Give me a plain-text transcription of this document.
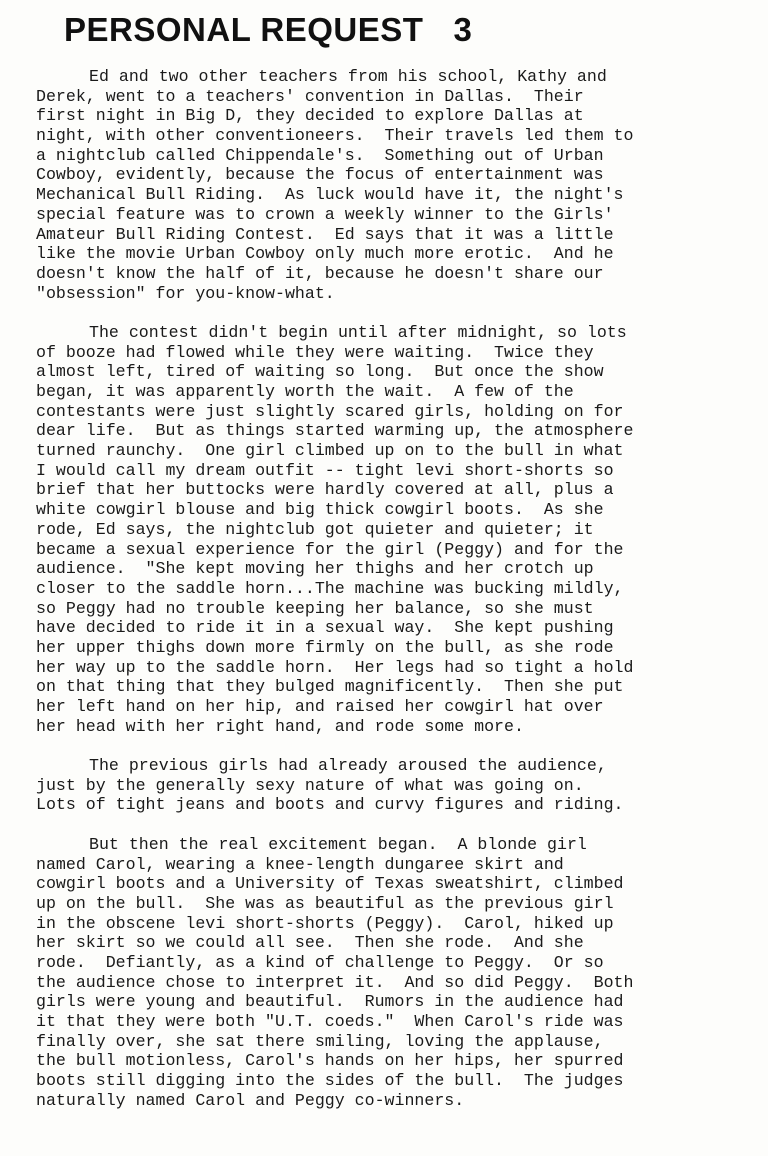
PERSONAL REQUEST 3
Ed and two other teachers from his school, Kathy and
Derek, went to a teachers' convention in Dallas.  Their
first night in Big D, they decided to explore Dallas at
night, with other conventioneers.  Their travels led them to
a nightclub called Chippendale's.  Something out of Urban
Cowboy, evidently, because the focus of entertainment was
Mechanical Bull Riding.  As luck would have it, the night's
special feature was to crown a weekly winner to the Girls'
Amateur Bull Riding Contest.  Ed says that it was a little
like the movie Urban Cowboy only much more erotic.  And he
doesn't know the half of it, because he doesn't share our
"obsession" for you-know-what.
The contest didn't begin until after midnight, so lots
of booze had flowed while they were waiting.  Twice they
almost left, tired of waiting so long.  But once the show
began, it was apparently worth the wait.  A few of the
contestants were just slightly scared girls, holding on for
dear life.  But as things started warming up, the atmosphere
turned raunchy.  One girl climbed up on to the bull in what
I would call my dream outfit -- tight levi short-shorts so
brief that her buttocks were hardly covered at all, plus a
white cowgirl blouse and big thick cowgirl boots.  As she
rode, Ed says, the nightclub got quieter and quieter; it
became a sexual experience for the girl (Peggy) and for the
audience.  "She kept moving her thighs and her crotch up
closer to the saddle horn...The machine was bucking mildly,
so Peggy had no trouble keeping her balance, so she must
have decided to ride it in a sexual way.  She kept pushing
her upper thighs down more firmly on the bull, as she rode
her way up to the saddle horn.  Her legs had so tight a hold
on that thing that they bulged magnificently.  Then she put
her left hand on her hip, and raised her cowgirl hat over
her head with her right hand, and rode some more.
The previous girls had already aroused the audience,
just by the generally sexy nature of what was going on.
Lots of tight jeans and boots and curvy figures and riding.
But then the real excitement began.  A blonde girl
named Carol, wearing a knee-length dungaree skirt and
cowgirl boots and a University of Texas sweatshirt, climbed
up on the bull.  She was as beautiful as the previous girl
in the obscene levi short-shorts (Peggy).  Carol, hiked up
her skirt so we could all see.  Then she rode.  And she
rode.  Defiantly, as a kind of challenge to Peggy.  Or so
the audience chose to interpret it.  And so did Peggy.  Both
girls were young and beautiful.  Rumors in the audience had
it that they were both "U.T. coeds."  When Carol's ride was
finally over, she sat there smiling, loving the applause,
the bull motionless, Carol's hands on her hips, her spurred
boots still digging into the sides of the bull.  The judges
naturally named Carol and Peggy co-winners.
